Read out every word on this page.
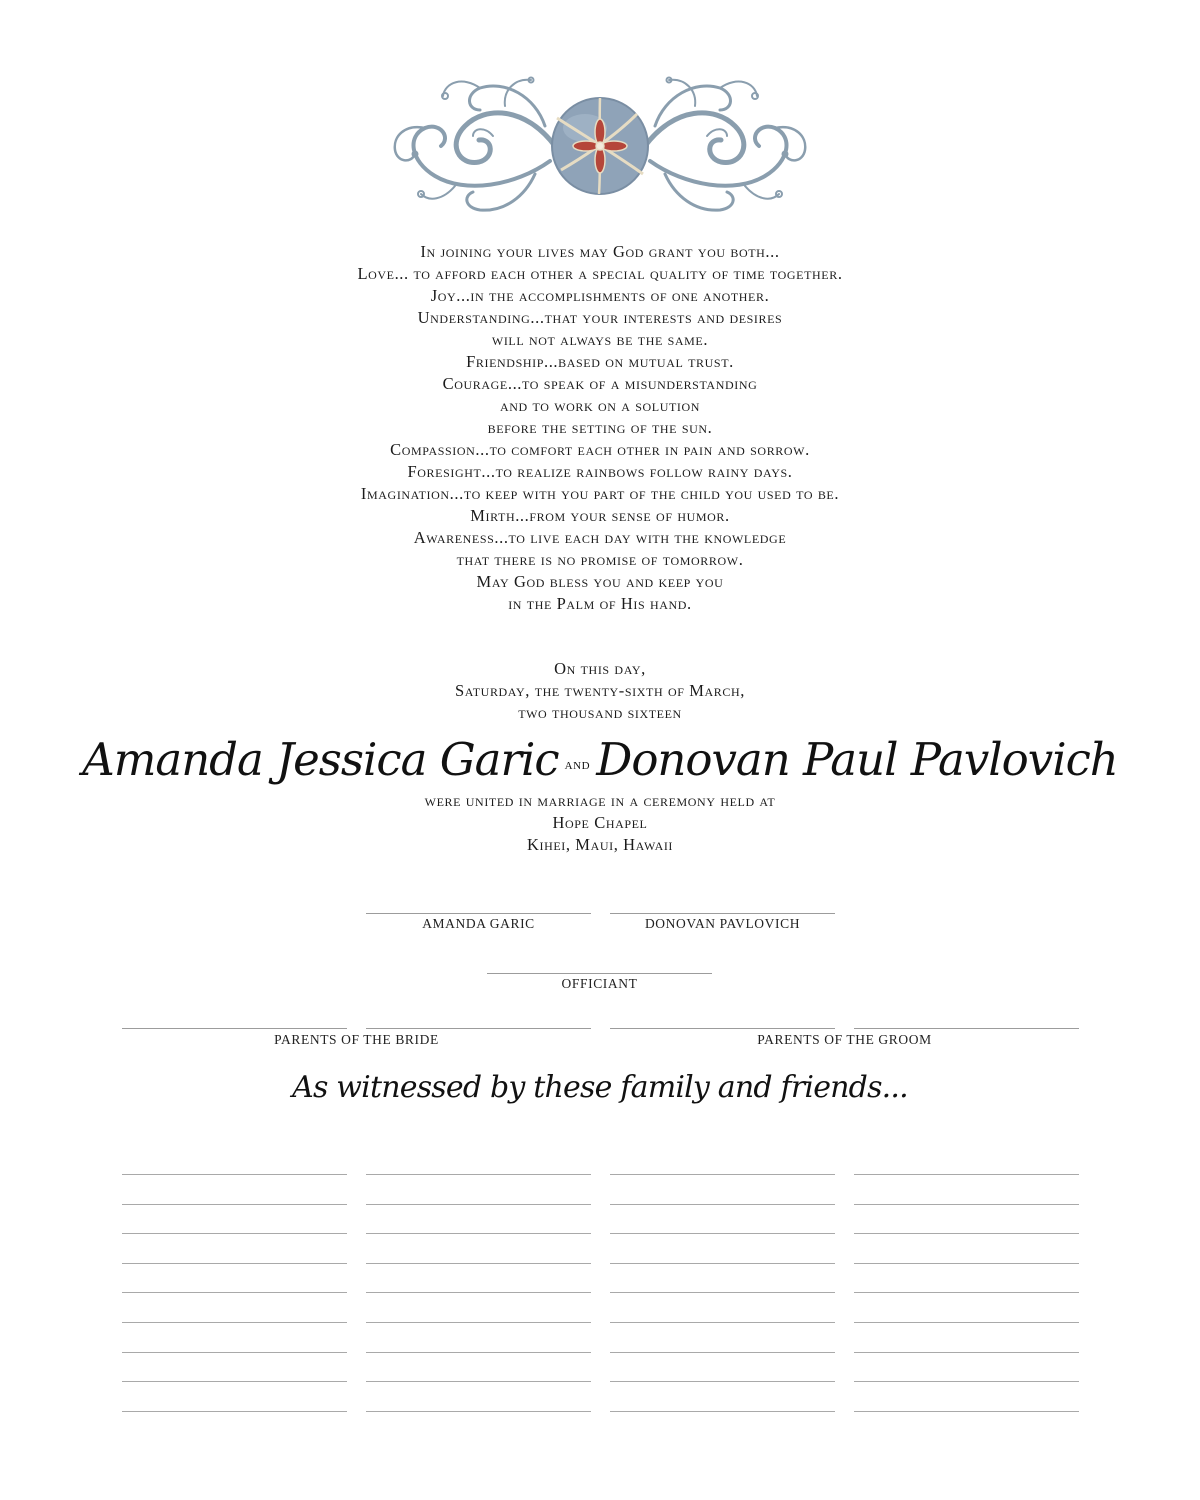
In joining your lives may God grant you both...
Love... to afford each other a special quality of time together.
Joy...in the accomplishments of one another.
Understanding...that your interests and desires
will not always be the same.
Friendship...based on mutual trust.
Courage...to speak of a misunderstanding
and to work on a solution
before the setting of the sun.
Compassion...to comfort each other in pain and sorrow.
Foresight...to realize rainbows follow rainy days.
Imagination...to keep with you part of the child you used to be.
Mirth...from your sense of humor.
Awareness...to live each day with the knowledge
that there is no promise of tomorrow.
May God bless you and keep you
in the Palm of His hand.
On this day,
Saturday, the twenty-sixth of March,
two thousand sixteen
Amanda Jessica Garic and Donovan Paul Pavlovich
were united in marriage in a ceremony held at
Hope Chapel
Kihei, Maui, Hawaii
AMANDA GARIC	DONOVAN PAVLOVICH
OFFICIANT
PARENTS OF THE BRIDE	PARENTS OF THE GROOM
As witnessed by these family and friends...
